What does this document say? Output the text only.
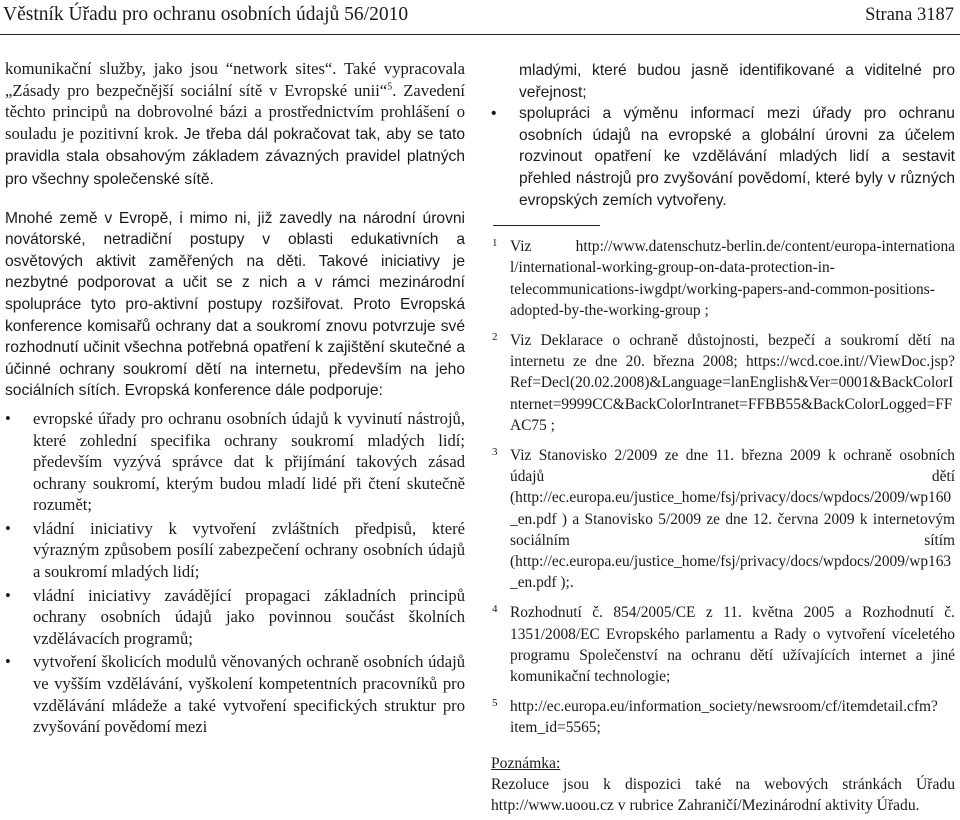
Věstník Úřadu pro ochranu osobních údajů 56/2010	Strana 3187

komunikační služby, jako jsou “network sites“. Také vypracovala „Zásady pro bezpečnější sociální sítě v Evropské unii“$^5$. Zavedení těchto principů na dobrovolné bázi a prostřednictvím prohlášení o souladu je pozitivní krok. Je třeba dál pokračovat tak, aby se tato pravidla stala obsahovým základem závazných pravidel platných pro všechny společenské sítě.

Mnohé země v Evropě, i mimo ni, již zavedly na národní úrovni novátorské, netradiční postupy v oblasti edukativních a osvětových aktivit zaměřených na děti. Takové iniciativy je nezbytné podporovat a učit se z nich a v rámci mezinárodní spolupráce tyto pro-aktivní postupy rozšiřovat. Proto Evropská konference komisařů ochrany dat a soukromí znovu potvrzuje své rozhodnutí učinit všechna potřebná opatření k zajištění skutečné a účinné ochrany soukromí dětí na internetu, především na jeho sociálních sítích. Evropská konference dále podporuje:

• evropské úřady pro ochranu osobních údajů k vyvinutí nástrojů, které zohlední specifika ochrany soukromí mladých lidí; především vyzývá správce dat k přijímání takových zásad ochrany soukromí, kterým budou mladí lidé při čtení skutečně rozumět;
• vládní iniciativy k vytvoření zvláštních předpisů, které výrazným způsobem posílí zabezpečení ochrany osobních údajů a soukromí mladých lidí;
• vládní iniciativy zavádějící propagaci základních principů ochrany osobních údajů jako povinnou součást školních vzdělávacích programů;
• vytvoření školicích modulů věnovaných ochraně osobních údajů ve vyšším vzdělávání, vyškolení kompetentních pracovníků pro vzdělávání mládeže a také vytvoření specifických struktur pro zvyšování povědomí mezi

mladými, které budou jasně identifikované a viditelné pro veřejnost;

• spolupráci a výměnu informací mezi úřady pro ochranu osobních údajů na evropské a globální úrovni za účelem rozvinout opatření ke vzdělávání mladých lidí a sestavit přehled nástrojů pro zvyšování povědomí, které byly v různých evropských zemích vytvořeny.
1 Viz http://www.datenschutz-berlin.de/content/europa-internationa l/international-working-group-on-data-protection-in-telecommunications-iwgdpt/working-papers-and-common-positions-adopted-by-the-working-group ;
2 Viz Deklarace o ochraně důstojnosti, bezpečí a soukromí dětí na internetu ze dne 20. března 2008; https://wcd.coe.int//ViewDoc.jsp?Ref=Decl(20.02.2008)&Language=lanEnglish&Ver=0001&BackColorInternet=9999CC&BackColorIntranet=FFBB55&BackColorLogged=FFAC75 ;
3 Viz Stanovisko 2/2009 ze dne 11. března 2009 k ochraně osobních údajů dětí (http://ec.europa.eu/justice_home/fsj/privacy/docs/wpdocs/2009/wp160_en.pdf ) a Stanovisko 5/2009 ze dne 12. června 2009 k internetovým sociálním sítím (http://ec.europa.eu/justice_home/fsj/privacy/docs/wpdocs/2009/wp163_en.pdf );.
4 Rozhodnutí č. 854/2005/CE z 11. května 2005 a Rozhodnutí č. 1351/2008/EC Evropského parlamentu a Rady o vytvoření víceletého programu Společenství na ochranu dětí užívajících internet a jiné komunikační technologie;
5 http://ec.europa.eu/information_society/newsroom/cf/itemdetail.cfm?item_id=5565;
Poznámka:
Rezoluce jsou k dispozici také na webových stránkách Úřadu http://www.uoou.cz v rubrice Zahraničí/Mezinárodní aktivity Úřadu.
